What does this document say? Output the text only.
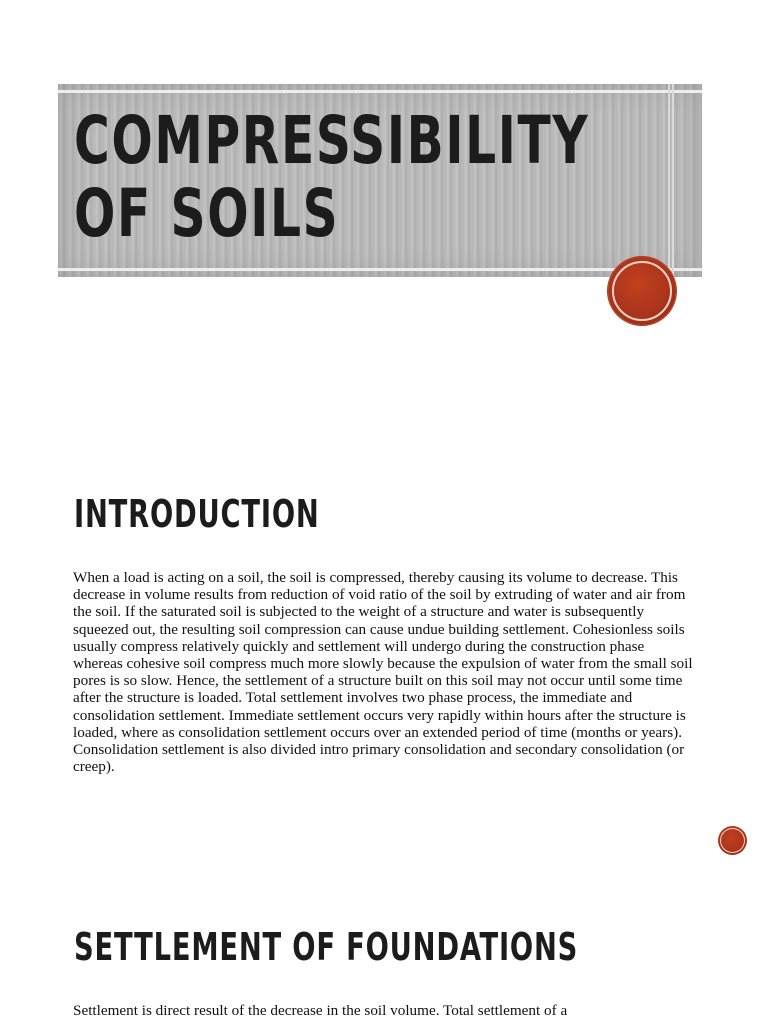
COMPRESSIBILITY OF SOILS
INTRODUCTION

When a load is acting on a soil, the soil is compressed, thereby causing its volume to decrease. This decrease in volume results from reduction of void ratio of the soil by extruding of water and air from the soil. If the saturated soil is subjected to the weight of a structure and water is subsequently squeezed out, the resulting soil compression can cause undue building settlement. Cohesionless soils usually compress relatively quickly and settlement will undergo during the construction phase whereas cohesive soil compress much more slowly because the expulsion of water from the small soil pores is so slow. Hence, the settlement of a structure built on this soil may not occur until some time after the structure is loaded. Total settlement involves two phase process, the immediate and consolidation settlement. Immediate settlement occurs very rapidly within hours after the structure is loaded, where as consolidation settlement occurs over an extended period of time (months or years). Consolidation settlement is also divided intro primary consolidation and secondary consolidation (or creep).

SETTLEMENT OF FOUNDATIONS

Settlement is direct result of the decrease in the soil volume. Total settlement of a
